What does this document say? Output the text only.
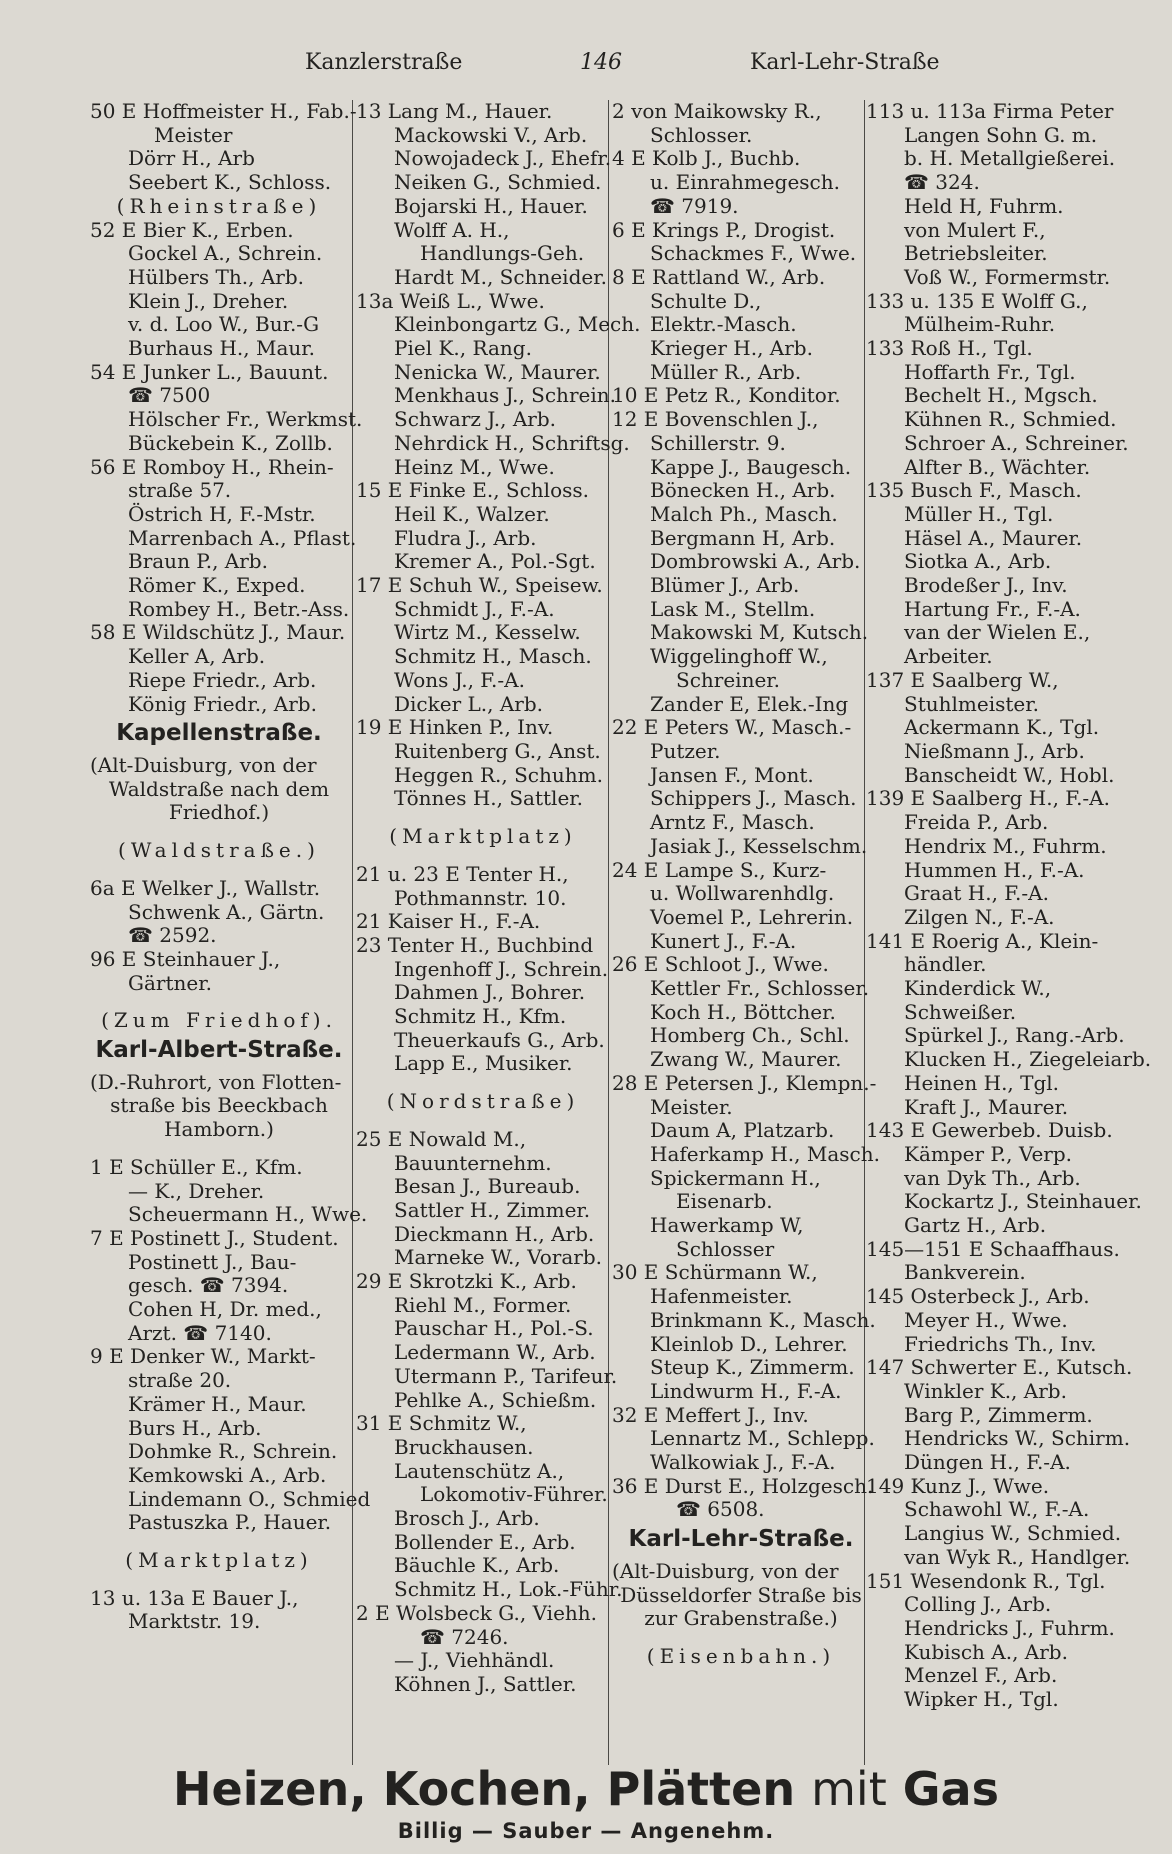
Kanzlerstraße	146	Karl-Lehr-Straße
50 E Hoffmeister H., Fab.-
Meister
Dörr H., Arb
Seebert K., Schloss.
(Rheinstraße)
52 E Bier K., Erben.
Gockel A., Schrein.
Hülbers Th., Arb.
Klein J., Dreher.
v. d. Loo W., Bur.-G
Burhaus H., Maur.
54 E Junker L., Bauunt.
☎ 7500
Hölscher Fr., Werkmst.
Bückebein K., Zollb.
56 E Romboy H., Rhein-
straße 57.
Östrich H, F.-Mstr.
Marrenbach A., Pflast.
Braun P., Arb.
Römer K., Exped.
Rombey H., Betr.-Ass.
58 E Wildschütz J., Maur.
Keller A, Arb.
Riepe Friedr., Arb.
König Friedr., Arb.
Kapellenstraße.
(Alt-Duisburg, von der
Waldstraße nach dem
Friedhof.)
(Waldstraße.)
6a E Welker J., Wallstr.
Schwenk A., Gärtn.
☎ 2592.
96 E Steinhauer J.,
Gärtner.
(Zum Friedhof).
Karl-Albert-Straße.
(D.-Ruhrort, von Flotten-
straße bis Beeckbach
Hamborn.)
1 E Schüller E., Kfm.
— K., Dreher.
Scheuermann H., Wwe.
7 E Postinett J., Student.
Postinett J., Bau-
gesch. ☎ 7394.
Cohen H, Dr. med.,
Arzt. ☎ 7140.
9 E Denker W., Markt-
straße 20.
Krämer H., Maur.
Burs H., Arb.
Dohmke R., Schrein.
Kemkowski A., Arb.
Lindemann O., Schmied
Pastuszka P., Hauer.
(Marktplatz)
13 u. 13a E Bauer J.,
Marktstr. 19.
13 Lang M., Hauer.
Mackowski V., Arb.
Nowojadeck J., Ehefr.
Neiken G., Schmied.
Bojarski H., Hauer.
Wolff A. H.,
Handlungs-Geh.
Hardt M., Schneider.
13a Weiß L., Wwe.
Kleinbongartz G., Mech.
Piel K., Rang.
Nenicka W., Maurer.
Menkhaus J., Schrein.
Schwarz J., Arb.
Nehrdick H., Schriftsg.
Heinz M., Wwe.
15 E Finke E., Schloss.
Heil K., Walzer.
Fludra J., Arb.
Kremer A., Pol.-Sgt.
17 E Schuh W., Speisew.
Schmidt J., F.-A.
Wirtz M., Kesselw.
Schmitz H., Masch.
Wons J., F.-A.
Dicker L., Arb.
19 E Hinken P., Inv.
Ruitenberg G., Anst.
Heggen R., Schuhm.
Tönnes H., Sattler.
(Marktplatz)
21 u. 23 E Tenter H.,
Pothmannstr. 10.
21 Kaiser H., F.-A.
23 Tenter H., Buchbind
Ingenhoff J., Schrein.
Dahmen J., Bohrer.
Schmitz H., Kfm.
Theuerkaufs G., Arb.
Lapp E., Musiker.
(Nordstraße)
25 E Nowald M.,
Bauunternehm.
Besan J., Bureaub.
Sattler H., Zimmer.
Dieckmann H., Arb.
Marneke W., Vorarb.
29 E Skrotzki K., Arb.
Riehl M., Former.
Pauschar H., Pol.-S.
Ledermann W., Arb.
Utermann P., Tarifeur.
Pehlke A., Schießm.
31 E Schmitz W.,
Bruckhausen.
Lautenschütz A.,
Lokomotiv-Führer.
Brosch J., Arb.
Bollender E., Arb.
Bäuchle K., Arb.
Schmitz H., Lok.-Führ.
2 E Wolsbeck G., Viehh.
☎ 7246.
— J., Viehhändl.
Köhnen J., Sattler.
2 von Maikowsky R.,
Schlosser.
4 E Kolb J., Buchb.
u. Einrahmegesch.
☎ 7919.
6 E Krings P., Drogist.
Schackmes F., Wwe.
8 E Rattland W., Arb.
Schulte D.,
Elektr.-Masch.
Krieger H., Arb.
Müller R., Arb.
10 E Petz R., Konditor.
12 E Bovenschlen J.,
Schillerstr. 9.
Kappe J., Baugesch.
Bönecken H., Arb.
Malch Ph., Masch.
Bergmann H, Arb.
Dombrowski A., Arb.
Blümer J., Arb.
Lask M., Stellm.
Makowski M, Kutsch.
Wiggelinghoff W.,
Schreiner.
Zander E, Elek.-Ing
22 E Peters W., Masch.-
Putzer.
Jansen F., Mont.
Schippers J., Masch.
Arntz F., Masch.
Jasiak J., Kesselschm.
24 E Lampe S., Kurz-
u. Wollwarenhdlg.
Voemel P., Lehrerin.
Kunert J., F.-A.
26 E Schloot J., Wwe.
Kettler Fr., Schlosser.
Koch H., Böttcher.
Homberg Ch., Schl.
Zwang W., Maurer.
28 E Petersen J., Klempn.-
Meister.
Daum A, Platzarb.
Haferkamp H., Masch.
Spickermann H.,
Eisenarb.
Hawerkamp W,
Schlosser
30 E Schürmann W.,
Hafenmeister.
Brinkmann K., Masch.
Kleinlob D., Lehrer.
Steup K., Zimmerm.
Lindwurm H., F.-A.
32 E Meffert J., Inv.
Lennartz M., Schlepp.
Walkowiak J., F.-A.
36 E Durst E., Holzgesch.
☎ 6508.
Karl-Lehr-Straße.
(Alt-Duisburg, von der
Düsseldorfer Straße bis
zur Grabenstraße.)
(Eisenbahn.)
113 u. 113a Firma Peter
Langen Sohn G. m.
b. H. Metallgießerei.
☎ 324.
Held H, Fuhrm.
von Mulert F.,
Betriebsleiter.
Voß W., Formermstr.
133 u. 135 E Wolff G.,
Mülheim-Ruhr.
133 Roß H., Tgl.
Hoffarth Fr., Tgl.
Bechelt H., Mgsch.
Kühnen R., Schmied.
Schroer A., Schreiner.
Alfter B., Wächter.
135 Busch F., Masch.
Müller H., Tgl.
Häsel A., Maurer.
Siotka A., Arb.
Brodeßer J., Inv.
Hartung Fr., F.-A.
van der Wielen E.,
Arbeiter.
137 E Saalberg W.,
Stuhlmeister.
Ackermann K., Tgl.
Nießmann J., Arb.
Banscheidt W., Hobl.
139 E Saalberg H., F.-A.
Freida P., Arb.
Hendrix M., Fuhrm.
Hummen H., F.-A.
Graat H., F.-A.
Zilgen N., F.-A.
141 E Roerig A., Klein-
händler.
Kinderdick W.,
Schweißer.
Spürkel J., Rang.-Arb.
Klucken H., Ziegeleiarb.
Heinen H., Tgl.
Kraft J., Maurer.
143 E Gewerbeb. Duisb.
Kämper P., Verp.
van Dyk Th., Arb.
Kockartz J., Steinhauer.
Gartz H., Arb.
145—151 E Schaaffhaus.
Bankverein.
145 Osterbeck J., Arb.
Meyer H., Wwe.
Friedrichs Th., Inv.
147 Schwerter E., Kutsch.
Winkler K., Arb.
Barg P., Zimmerm.
Hendricks W., Schirm.
Düngen H., F.-A.
149 Kunz J., Wwe.
Schawohl W., F.-A.
Langius W., Schmied.
van Wyk R., Handlger.
151 Wesendonk R., Tgl.
Colling J., Arb.
Hendricks J., Fuhrm.
Kubisch A., Arb.
Menzel F., Arb.
Wipker H., Tgl.
Heizen, Kochen, Plätten mit Gas
Billig — Sauber — Angenehm.
